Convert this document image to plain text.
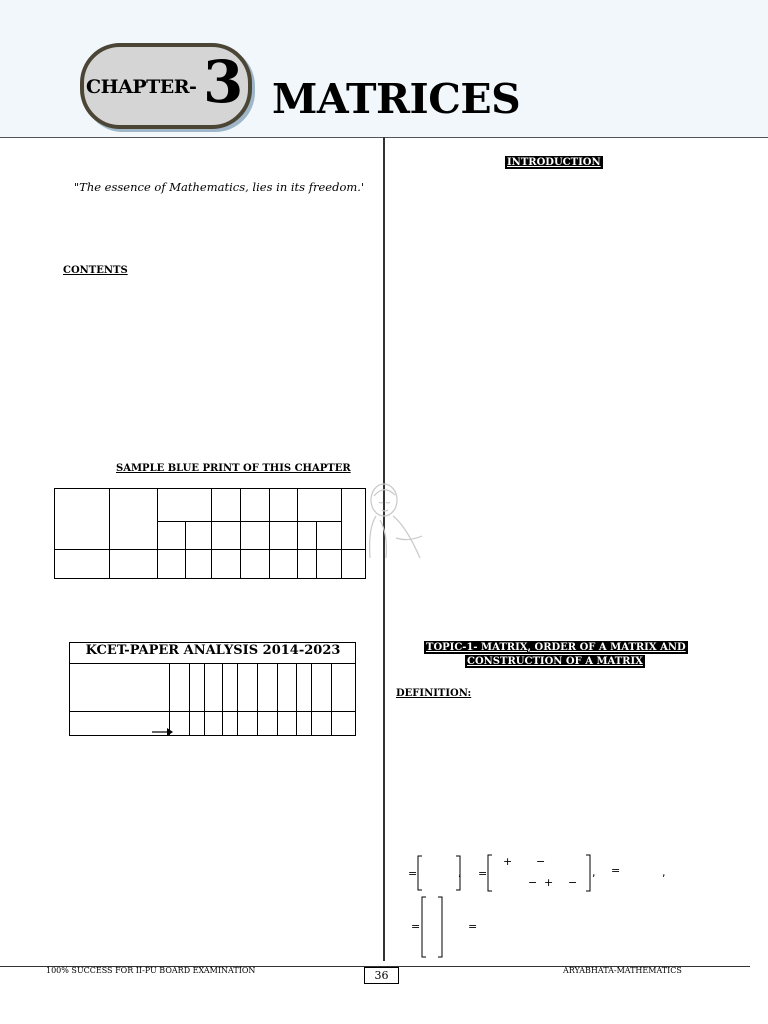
CHAPTER- 3 MATRICES
"The essence of Mathematics, lies in its freedom.'
CONTENTS
SAMPLE BLUE PRINT OF THIS CHAPTER
KCET-PAPER ANALYSIS 2014-2023
INTRODUCTION
TOPIC-1- MATRIX, ORDER OF A MATRIX AND
CONSTRUCTION OF A MATRIX
DEFINITION:
=	, =
+ −
− + −
, =	,
=	=
100% SUCCESS FOR II-PU BOARD EXAMINATION	36	ARYABHATA-MATHEMATICS
